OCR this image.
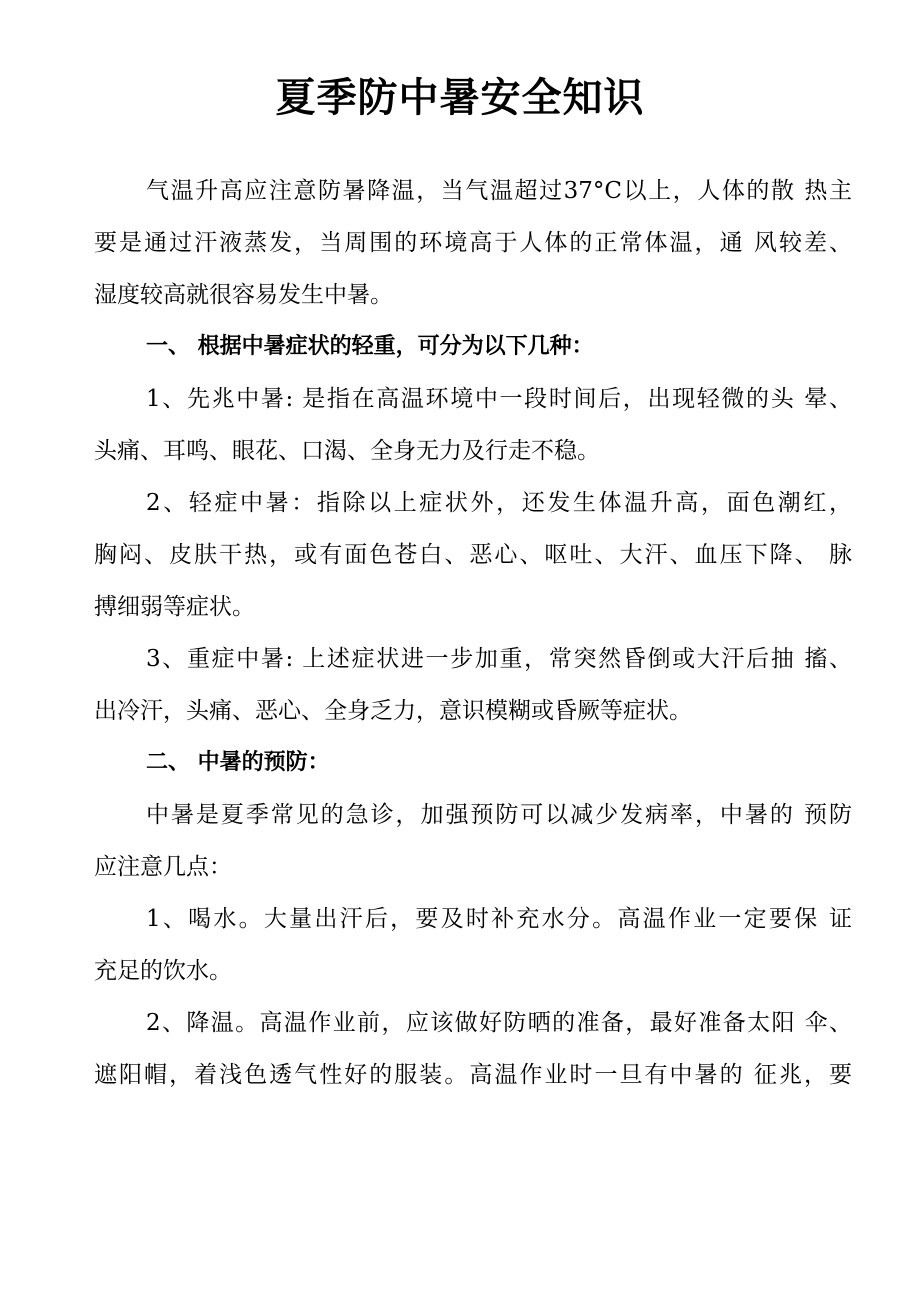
夏季防中暑安全知识
气温升高应注意防暑降温，当气温超过37°C以上，人体的散 热主
要是通过汗液蒸发，当周围的环境高于人体的正常体温，通 风较差、
湿度较高就很容易发生中暑。
一、 根据中暑症状的轻重，可分为以下几种：
1、先兆中暑: 是指在高温环境中一段时间后，出现轻微的头 晕、
头痛、耳鸣、眼花、口渴、全身无力及行走不稳。
2、轻症中暑：指除以上症状外，还发生体温升高，面色潮红，
胸闷、皮肤干热，或有面色苍白、恶心、呕吐、大汗、血压下降、 脉
搏细弱等症状。
3、重症中暑: 上述症状进一步加重，常突然昏倒或大汗后抽 搐、
出冷汗，头痛、恶心、全身乏力，意识模糊或昏厥等症状。
二、 中暑的预防：
中暑是夏季常见的急诊，加强预防可以减少发病率，中暑的 预防
应注意几点：
1、喝水。大量出汗后，要及时补充水分。高温作业一定要保 证
充足的饮水。
2、降温。高温作业前，应该做好防晒的准备，最好准备太阳 伞、
遮阳帽，着浅色透气性好的服装。高温作业时一旦有中暑的 征兆，要
